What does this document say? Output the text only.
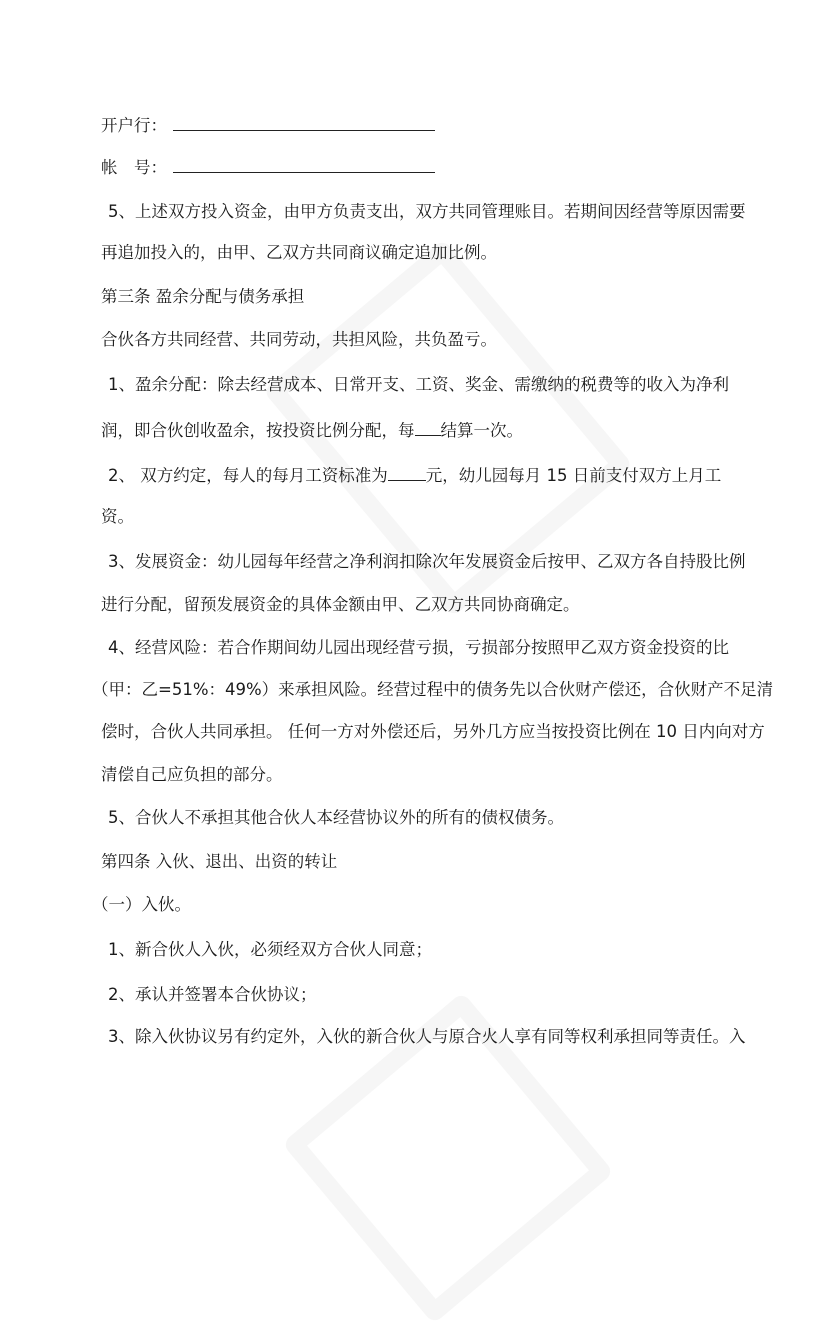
开户行：
帐　号：
5、上述双方投入资金，由甲方负责支出，双方共同管理账目。若期间因经营等原因需要
再追加投入的，由甲、乙双方共同商议确定追加比例。
第三条 盈余分配与债务承担
合伙各方共同经营、共同劳动，共担风险，共负盈亏。
1、盈余分配：除去经营成本、日常开支、工资、奖金、需缴纳的税费等的收入为净利
润，即合伙创收盈余，按投资比例分配，每 结算一次。
2、 双方约定，每人的每月工资标准为 元，幼儿园每月 15 日前支付双方上月工
资。
3、发展资金：幼儿园每年经营之净利润扣除次年发展资金后按甲、乙双方各自持股比例
进行分配，留预发展资金的具体金额由甲、乙双方共同协商确定。
4、经营风险：若合作期间幼儿园出现经营亏损，亏损部分按照甲乙双方资金投资的比
（甲：乙=51%：49%）来承担风险。经营过程中的债务先以合伙财产偿还，合伙财产不足清
偿时，合伙人共同承担。 任何一方对外偿还后，另外几方应当按投资比例在 10 日内向对方
清偿自己应负担的部分。
5、合伙人不承担其他合伙人本经营协议外的所有的债权债务。
第四条 入伙、退出、出资的转让
（一）入伙。
1、新合伙人入伙，必须经双方合伙人同意；
2、承认并签署本合伙协议；
3、除入伙协议另有约定外，入伙的新合伙人与原合火人享有同等权利承担同等责任。入
